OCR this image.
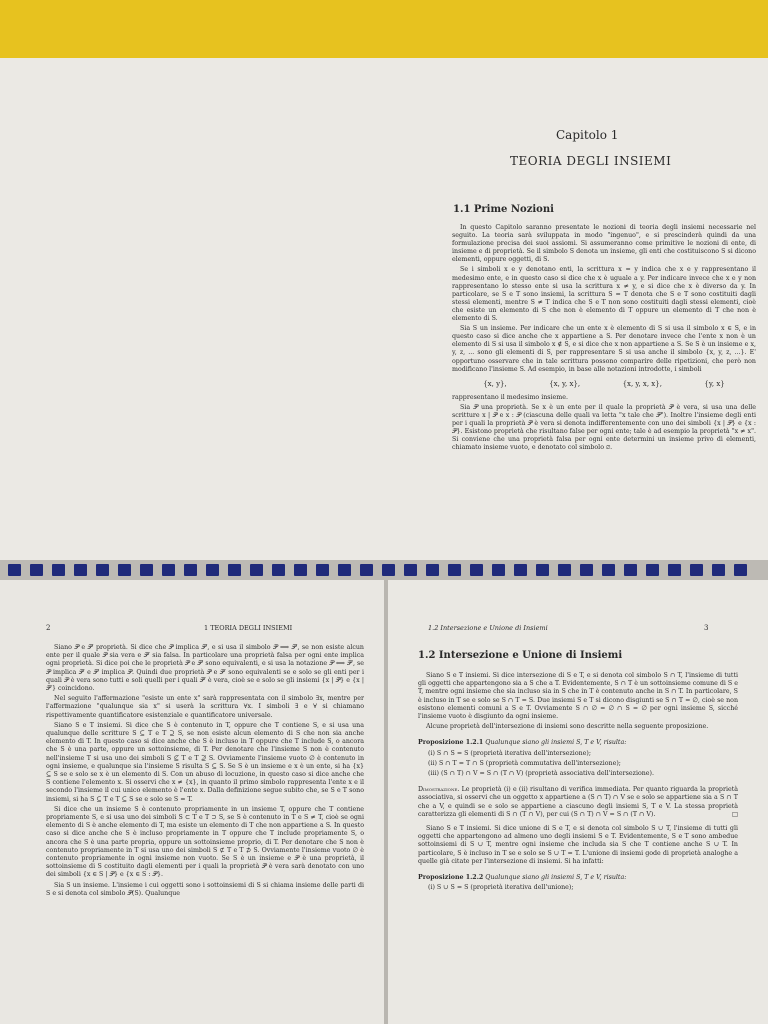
Capitolo 1
TEORIA DEGLI INSIEMI
1.1 Prime Nozioni

In questo Capitolo saranno presentate le nozioni di teoria degli insiemi necessarie nel seguito. La teoria sarà sviluppata in modo "ingenuo", e si prescinderà quindi da una formulazione precisa dei suoi assiomi. Si assumeranno come primitive le nozioni di ente, di insieme e di proprietà. Se il simbolo S denota un insieme, gli enti che costituiscono S si dicono elementi, oppure oggetti, di S.

Se i simboli x e y denotano enti, la scrittura x = y indica che x e y rappresentano il medesimo ente, e in questo caso si dice che x è uguale a y. Per indicare invece che x e y non rappresentano lo stesso ente si usa la scrittura x ≠ y, e si dice che x è diverso da y. In particolare, se S e T sono insiemi, la scrittura S = T denota che S e T sono costituiti dagli stessi elementi, mentre S ≠ T indica che S e T non sono costituiti dagli stessi elementi, cioè che esiste un elemento di S che non è elemento di T oppure un elemento di T che non è elemento di S.

Sia S un insieme. Per indicare che un ente x è elemento di S si usa il simbolo x ∈ S, e in questo caso si dice anche che x appartiene a S. Per denotare invece che l'ente x non è un elemento di S si usa il simbolo x ∉ S, e si dice che x non appartiene a S. Se S è un insieme e x, y, z, ... sono gli elementi di S, per rappresentare S si usa anche il simbolo {x, y, z, ...}. E' opportuno osservare che in tale scrittura possono comparire delle ripetizioni, che però non modificano l'insieme S. Ad esempio, in base alle notazioni introdotte, i simboli

{x, y},	{x, y, x},	{x, y, x, x},	{y, x}

rappresentano il medesimo insieme.

Sia 𝒫 una proprietà. Se x è un ente per il quale la proprietà 𝒫 è vera, si usa una delle scritture x | 𝒫 e x : 𝒫 (ciascuna delle quali va letta "x tale che 𝒫"). Inoltre l'insieme degli enti per i quali la proprietà 𝒫 è vera si denota indifferentemente con uno dei simboli {x | 𝒫} e {x : 𝒫}. Esistono proprietà che risultano false per ogni ente; tale è ad esempio la proprietà "x ≠ x". Si conviene che una proprietà falsa per ogni ente determini un insieme privo di elementi, chiamato insieme vuoto, e denotato col simbolo ∅.

2	1 TEORIA DEGLI INSIEMI

Siano 𝒫 e 𝒫′ proprietà. Si dice che 𝒫 implica 𝒫′, e si usa il simbolo 𝒫 ⟹ 𝒫′, se non esiste alcun ente per il quale 𝒫 sia vera e 𝒫′ sia falsa. In particolare una proprietà falsa per ogni ente implica ogni proprietà. Si dice poi che le proprietà 𝒫 e 𝒫′ sono equivalenti, e si usa la notazione 𝒫 ⟺ 𝒫′, se 𝒫 implica 𝒫′ e 𝒫′ implica 𝒫. Quindi due proprietà 𝒫 e 𝒫′ sono equivalenti se e solo se gli enti per i quali 𝒫 è vera sono tutti e soli quelli per i quali 𝒫′ è vera, cioè se e solo se gli insiemi {x | 𝒫} e {x | 𝒫′} coincidono.

Nel seguito l'affermazione "esiste un ente x" sarà rappresentata con il simbolo ∃x, mentre per l'affermazione "qualunque sia x" si userà la scrittura ∀x. I simboli ∃ e ∀ si chiamano rispettivamente quantificatore esistenziale e quantificatore universale.

Siano S e T insiemi. Si dice che S è contenuto in T, oppure che T contiene S, e si usa una qualunque delle scritture S ⊆ T e T ⊇ S, se non esiste alcun elemento di S che non sia anche elemento di T. In questo caso si dice anche che S è incluso in T oppure che T include S, o ancora che S è una parte, oppure un sottoinsieme, di T. Per denotare che l'insieme S non è contenuto nell'insieme T si usa uno dei simboli S ⊈ T e T ⊉ S. Ovviamente l'insieme vuoto ∅ è contenuto in ogni insieme, e qualunque sia l'insieme S risulta S ⊆ S. Se S è un insieme e x è un ente, si ha {x} ⊆ S se e solo se x è un elemento di S. Con un abuso di locuzione, in questo caso si dice anche che S contiene l'elemento x. Si osservi che x ≠ {x}, in quanto il primo simbolo rappresenta l'ente x e il secondo l'insieme il cui unico elemento è l'ente x. Dalla definizione segue subito che, se S e T sono insiemi, si ha S ⊆ T e T ⊆ S se e solo se S = T.

Si dice che un insieme S è contenuto propriamente in un insieme T, oppure che T contiene propriamente S, e si usa uno dei simboli S ⊂ T e T ⊃ S, se S è contenuto in T e S ≠ T, cioè se ogni elemento di S è anche elemento di T, ma esiste un elemento di T che non appartiene a S. In questo caso si dice anche che S è incluso propriamente in T oppure che T include propriamente S, o ancora che S è una parte propria, oppure un sottoinsieme proprio, di T. Per denotare che S non è contenuto propriamente in T si usa uno dei simboli S ⊄ T e T ⊅ S. Ovviamente l'insieme vuoto ∅ è contenuto propriamente in ogni insieme non vuoto. Se S è un insieme e 𝒫 è una proprietà, il sottoinsieme di S costituito dagli elementi per i quali la proprietà 𝒫 è vera sarà denotato con uno dei simboli {x ∈ S | 𝒫} e {x ∈ S : 𝒫}.

Sia S un insieme. L'insieme i cui oggetti sono i sottoinsiemi di S si chiama insieme delle parti di S e si denota col simbolo 𝒫(S). Qualunque

1.2 Intersezione e Unione di Insiemi	3
1.2 Intersezione e Unione di Insiemi

Siano S e T insiemi. Si dice intersezione di S e T, e si denota col simbolo S ∩ T, l'insieme di tutti gli oggetti che appartengono sia a S che a T. Evidentemente, S ∩ T è un sottoinsieme comune di S e T, mentre ogni insieme che sia incluso sia in S che in T è contenuto anche in S ∩ T. In particolare, S è incluso in T se e solo se S ∩ T = S. Due insiemi S e T si dicono disgiunti se S ∩ T = ∅, cioè se non esistono elementi comuni a S e T. Ovviamente S ∩ ∅ = ∅ ∩ S = ∅ per ogni insieme S, sicché l'insieme vuoto è disgiunto da ogni insieme.

Alcune proprietà dell'intersezione di insiemi sono descritte nella seguente proposizione.

Proposizione 1.2.1 Qualunque siano gli insiemi S, T e V, risulta:

(i) S ∩ S = S (proprietà iterativa dell'intersezione);
(ii) S ∩ T = T ∩ S (proprietà commutativa dell'intersezione);
(iii) (S ∩ T) ∩ V = S ∩ (T ∩ V) (proprietà associativa dell'intersezione).

Dimostrazione. Le proprietà (i) e (ii) risultano di verifica immediata. Per quanto riguarda la proprietà associativa, si osservi che un oggetto x appartiene a (S ∩ T) ∩ V se e solo se appartiene sia a S ∩ T che a V, e quindi se e solo se appartiene a ciascuno degli insiemi S, T e V. La stessa proprietà caratterizza gli elementi di S ∩ (T ∩ V), per cui (S ∩ T) ∩ V = S ∩ (T ∩ V).	□

Siano S e T insiemi. Si dice unione di S e T, e si denota col simbolo S ∪ T, l'insieme di tutti gli oggetti che appartengono ad almeno uno degli insiemi S e T. Evidentemente, S e T sono ambedue sottoinsiemi di S ∪ T, mentre ogni insieme che includa sia S che T contiene anche S ∪ T. In particolare, S è incluso in T se e solo se S ∪ T = T. L'unione di insiemi gode di proprietà analoghe a quelle già citate per l'intersezione di insiemi. Si ha infatti:

Proposizione 1.2.2 Qualunque siano gli insiemi S, T e V, risulta:

(i) S ∪ S = S (proprietà iterativa dell'unione);
